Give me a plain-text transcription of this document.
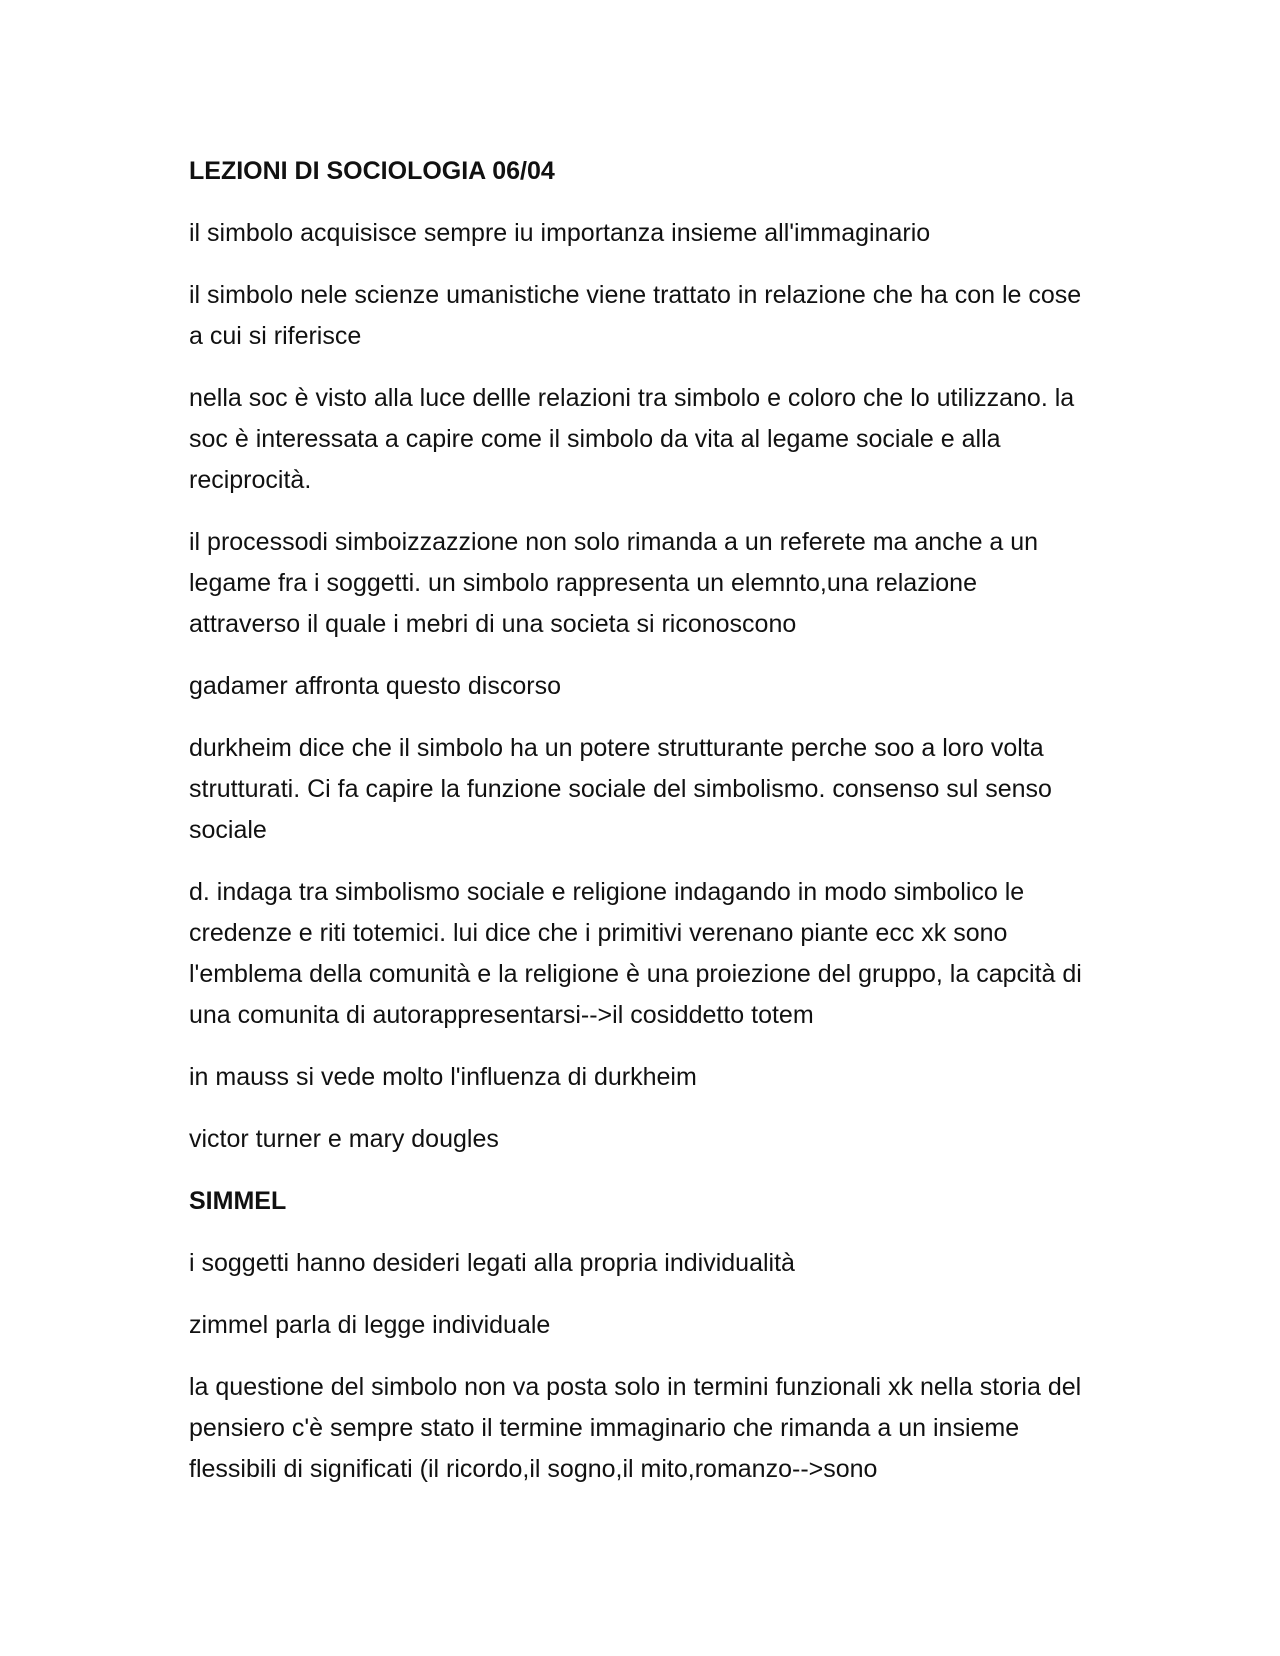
LEZIONI DI SOCIOLOGIA 06/04

il simbolo acquisisce sempre iu importanza insieme all'immaginario

il simbolo nele scienze umanistiche viene trattato in relazione che ha con le cose a cui si riferisce

nella soc è visto alla luce dellle relazioni tra simbolo e coloro che lo utilizzano. la soc è interessata a capire come il simbolo da vita al legame sociale e alla reciprocità.

il processodi simboizzazzione non solo rimanda a un referete ma anche a un legame fra i soggetti. un simbolo rappresenta un elemnto,una relazione attraverso il quale i mebri di una societa si riconoscono

gadamer affronta questo discorso

durkheim dice che il simbolo ha un potere strutturante perche soo a loro volta strutturati. Ci fa capire la funzione sociale del simbolismo. consenso sul senso sociale

d. indaga tra simbolismo sociale e religione indagando in modo simbolico le credenze e riti totemici. lui dice che i primitivi verenano piante ecc xk sono l'emblema della comunità e la religione è una proiezione del gruppo, la capcità di una comunita di autorappresentarsi-->il cosiddetto totem

in mauss si vede molto l'influenza di durkheim

victor turner e mary dougles

SIMMEL

i soggetti hanno desideri legati alla propria individualità

zimmel parla di legge individuale

la questione del simbolo non va posta solo in termini funzionali xk nella storia del pensiero c'è sempre stato il termine immaginario che rimanda a un insieme flessibili di significati (il ricordo,il sogno,il mito,romanzo-->sono
